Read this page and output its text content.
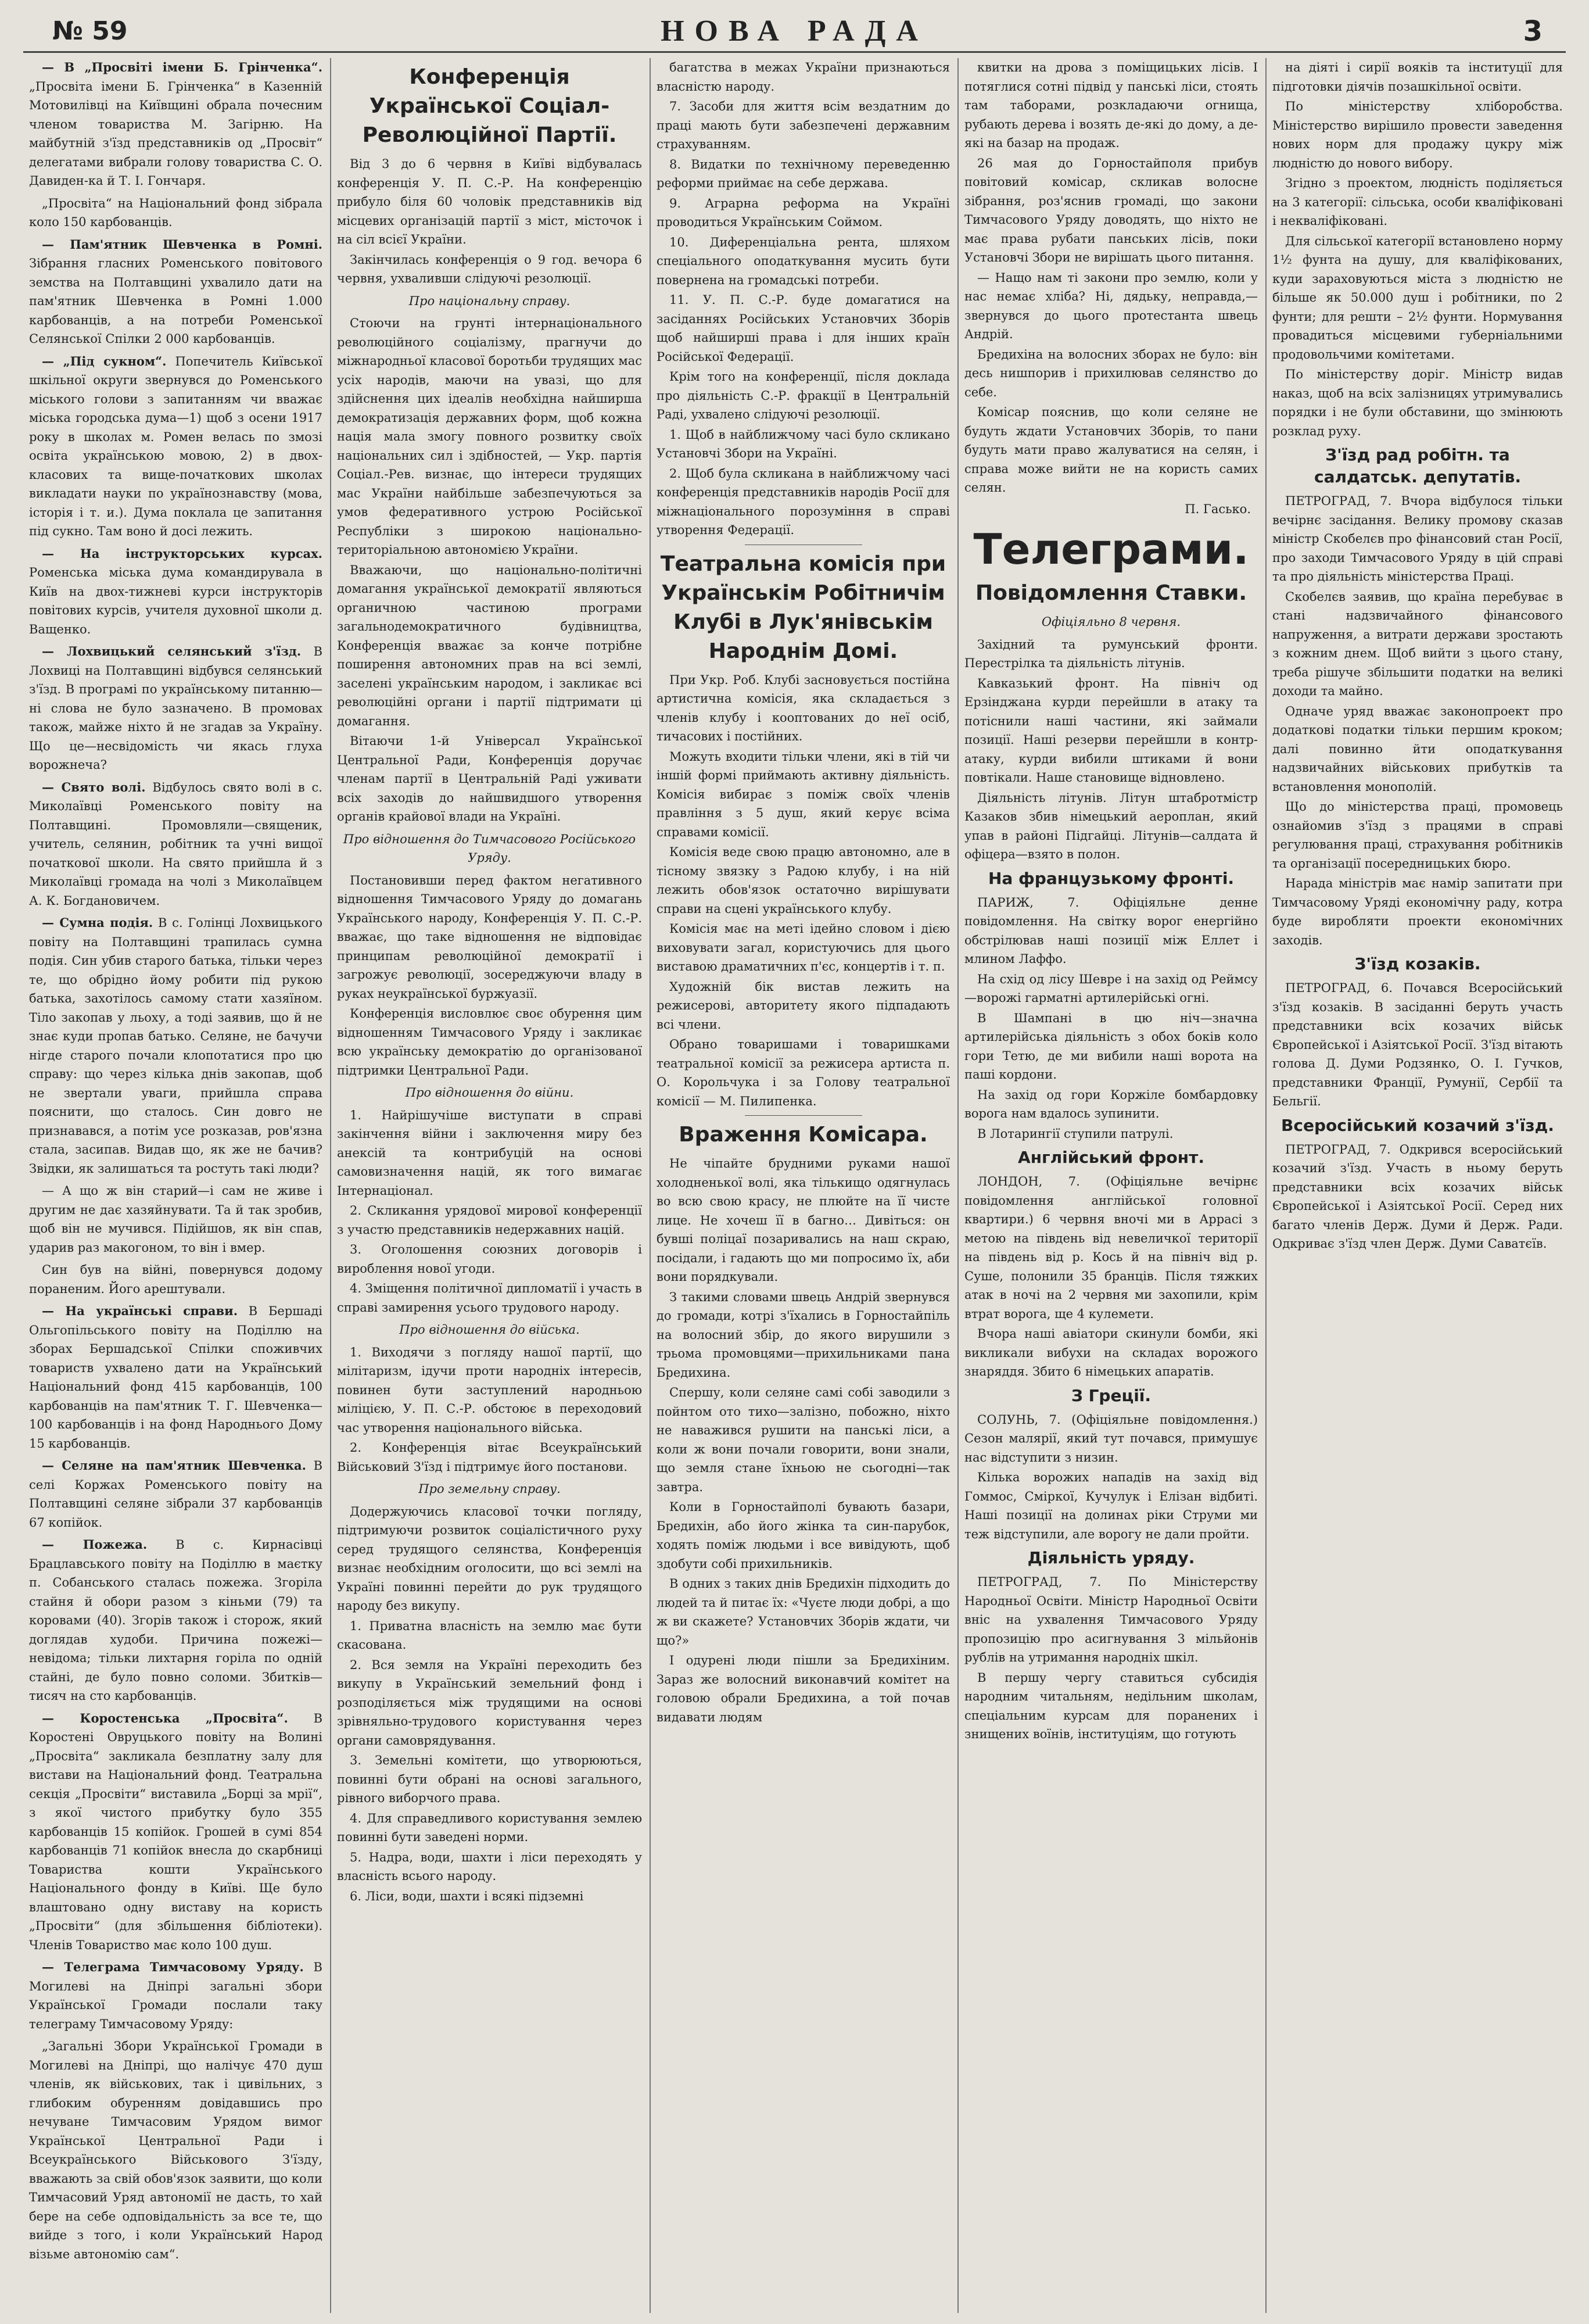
№ 59	НОВА РАДА	3

— В „Просвіті імени Б. Грінченка“. „Просвіта імени Б. Грінченка“ в Казенній Мотовилівці на Київщині обрала почесним членом товариства М. Загірню. На майбутній з'їзд представників од „Просвіт“ делегатами вибрали голову товариства С. О. Давиден-ка й Т. І. Гончаря.

„Просвіта“ на Національний фонд зібрала коло 150 карбованців.

— Пам'ятник Шевченка в Ромні. Зібрання гласних Роменського повітового земства на Полтавщині ухвалило дати на пам'ятник Шевченка в Ромні 1.000 карбованців, а на потреби Роменської Селянської Спілки 2 000 карбованців.

— „Під сукном“. Попечитель Київської шкільної округи звернувся до Роменського міського голови з запитанням чи вважає міська городська дума—1) щоб з осени 1917 року в школах м. Ромен велась по змозі освіта українською мовою, 2) в двох-класових та вище-початкових школах викладати науки по українознавству (мова, історія і т. и.). Дума поклала це запитання під сукно. Там воно й досі лежить.

— На інструкторських курсах. Роменська міська дума командирувала в Київ на двох-тижневі курси інструкторів повітових курсів, учителя духовної школи д. Ващенко.

— Лохвицький селянський з'їзд. В Лохвиці на Полтавщині відбувся селянський з'їзд. В програмі по українському питанню—ні слова не було зазначено. В промовах також, майже ніхто й не згадав за Україну. Що це—несвідомість чи якась глуха ворожнеча?

— Свято волі. Відбулось свято волі в с. Миколаївці Роменського повіту на Полтавщині. Промовляли—священик, учитель, селянин, робітник та учні вищої початкової школи. На свято прийшла й з Миколаївці громада на чолі з Миколаївцем А. К. Богдановичем.

— Сумна подія. В с. Голінці Лохвицького повіту на Полтавщині трапилась сумна подія. Син убив старого батька, тільки через те, що обрідно йому робити під рукою батька, захотілось самому стати хазяїном. Тіло закопав у льоху, а тоді заявив, що й не знає куди пропав батько. Селяне, не бачучи нігде старого почали клопотатися про цю справу: що через кілька днів закопав, щоб не звертали уваги, прийшла справа пояснити, що сталось. Син довго не признавався, а потім усе розказав, ров'язна стала, засипав. Видав що, як же не бачив? Звідки, як залишаться та ростуть такі люди?

— А що ж він старий—і сам не живе і другим не дає хазяйнувати. Та й так зробив, щоб він не мучився. Підійшов, як він спав, ударив раз макогоном, то він і вмер.

Син був на війні, повернувся додому пораненим. Його арештували.

— На українські справи. В Бершаді Ольгопільського повіту на Поділлю на зборах Бершадської Спілки споживчих товариств ухвалено дати на Український Національний фонд 415 карбованців, 100 карбованців на пам'ятник Т. Г. Шевченка—100 карбованців і на фонд Народнього Дому 15 карбованців.

— Селяне на пам'ятник Шевченка. В селі Коржах Роменського повіту на Полтавщині селяне зібрали 37 карбованців 67 копійок.

— Пожежа. В с. Кирнасівці Брацлавського повіту на Поділлю в маєтку п. Собанського сталась пожежа. Згоріла стайня й обори разом з кіньми (79) та коровами (40). Згорів також і сторож, який доглядав худоби. Причина пожежі—невідома; тільки лихтарня горіла по одній стайні, де було повно соломи. Збитків—тисяч на сто карбованців.

— Коростенська „Просвіта“. В Коростені Овруцького повіту на Волині „Просвіта“ закликала безплатну залу для вистави на Національний фонд. Театральна секція „Просвіти“ виставила „Борці за мрії“, з якої чистого прибутку було 355 карбованців 15 копійок. Грошей в сумі 854 карбованців 71 копійок внесла до скарбниці Товариства кошти Українського Національного фонду в Київі. Ще було влаштовано одну виставу на користь „Просвіти“ (для збільшення бібліотеки). Членів Товариство має коло 100 душ.

— Телеграма Тимчасовому Уряду. В Могилеві на Дніпрі загальні збори Української Громади послали таку телеграму Тимчасовому Уряду:

„Загальні Збори Української Громади в Могилеві на Дніпрі, що налічує 470 душ членів, як військових, так і цивільних, з глибоким обуренням довідавшись про нечуване Тимчасовим Урядом вимог Української Центральної Ради і Всеукраїнського Військового З'їзду, вважають за свій обов'язок заявити, що коли Тимчасовий Уряд автономії не дасть, то хай бере на себе одповідальність за все те, що вийде з того, і коли Український Народ візьме автономію сам“.

Конференція Української Соціал-Революційної Партії.

Від 3 до 6 червня в Київі відбувалась конференція У. П. С.-Р. На конференцію прибуло біля 60 чоловік представників від місцевих організацій партії з міст, місточок і на сіл всієї України.

Закінчилась конференція о 9 год. вечора 6 червня, ухваливши слідуючі резолюції.

Про національну справу.

Стоючи на грунті інтернаціонального революційного соціалізму, прагнучи до міжнародньої класової боротьби трудящих мас усіх народів, маючи на увазі, що для здійснення цих ідеалів необхідна найширша демократизація державних форм, щоб кожна нація мала змогу повного розвитку своїх національних сил і здібностей, — Укр. партія Соціал.-Рев. визнає, що інтереси трудящих мас України найбільше забезпечуються за умов федеративного устрою Російської Республіки з широкою національно-територіальною автономією України.

Вважаючи, що національно-політичні домагання української демократії являються органичною частиною програми загальнодемократичного будівництва, Конференція вважає за конче потрібне поширення автономних прав на всі землі, заселені українським народом, і закликає всі революційні органи і партії підтримати ці домагання.

Вітаючи 1-й Універсал Української Центральної Ради, Конференція доручає членам партії в Центральній Раді уживати всіх заходів до найшвидшого утворення органів крайової влади на Україні.

Про відношення до Тимчасового Російського Уряду.

Постановивши перед фактом негативного відношення Тимчасового Уряду до домагань Українського народу, Конференція У. П. С.-Р. вважає, що таке відношення не відповідає принципам революційної демократії і загрожує революції, зосереджуючи владу в руках неукраїнської буржуазії.

Конференція висловлює своє обурення цим відношенням Тимчасового Уряду і закликає всю українську демократію до організованої підтримки Центральної Ради.

Про відношення до війни.

1. Найрішучіше виступати в справі закінчення війни і заключення миру без анексій та контрибуцій на основі самовизначення націй, як того вимагає Інтернаціонал.

2. Скликання урядової мирової конференції з участю представників недержавних націй.

3. Оголошення союзних договорів і вироблення нової угоди.

4. Зміщення політичної дипломатії і участь в справі замирення усього трудового народу.

Про відношення до війська.

1. Виходячи з погляду нашої партії, що мілітаризм, ідучи проти народніх інтересів, повинен бути заступлений народньою міліцією, У. П. С.-Р. обстоює в переходовий час утворення національного війська.

2. Конференція вітає Всеукраїнський Військовий З'їзд і підтримує його постанови.

Про земельну справу.

Додержуючись класової точки погляду, підтримуючи розвиток соціалістичного руху серед трудящого селянства, Конференція визнає необхідним оголосити, що всі землі на Україні повинні перейти до рук трудящого народу без викупу.

1. Приватна власність на землю має бути скасована.

2. Вся земля на Україні переходить без викупу в Український земельний фонд і розподіляється між трудящими на основі зрівняльно-трудового користування через органи самоврядування.

3. Земельні комітети, що утворюються, повинні бути обрані на основі загального, рівного виборчого права.

4. Для справедливого користування землею повинні бути заведені норми.

5. Надра, води, шахти і ліси переходять у власність всього народу.

6. Ліси, води, шахти і всякі підземні

багатства в межах України признаються власністю народу.

7. Засоби для життя всім вездатним до праці мають бути забезпечені державним страхуванням.

8. Видатки по технічному переведенню реформи приймає на себе держава.

9. Аграрна реформа на Україні проводиться Українським Соймом.

10. Диференціальна рента, шляхом спеціального оподаткування мусить бути повернена на громадські потреби.

11. У. П. С.-Р. буде домагатися на засіданнях Російських Установчих Зборів щоб найширші права і для інших країн Російської Федерації.

Крім того на конференції, після доклада про діяльність С.-Р. фракції в Центральній Раді, ухвалено слідуючі резолюції.

1. Щоб в найближчому часі було скликано Установчі Збори на Україні.

2. Щоб була скликана в найближчому часі конференція представників народів Росії для міжнаціонального порозуміння в справі утворення Федерації.

Театральна комісія при Українськім Робітничім Клубі в Лук'янівськім Народнім Домі.

При Укр. Роб. Клубі засновується постійна артистична комісія, яка складається з членів клубу і кооптованих до неї осіб, тичасових і постійних.

Можуть входити тільки члени, які в тій чи іншій формі приймають активну діяльність. Комісія вибирає з поміж своїх членів правління з 5 душ, який керує всіма справами комісії.

Комісія веде свою працю автономно, але в тісному звязку з Радою клубу, і на ній лежить обов'язок остаточно вирішувати справи на сцені українського клубу.

Комісія має на меті ідейно словом і дією виховувати загал, користуючись для цього виставою драматичних п'єс, концертів і т. п.

Художній бік вистав лежить на режисерові, авторитету якого підпадають всі члени.

Обрано товаришами і товаришками театральної комісії за режисера артиста п. О. Корольчука і за Голову театральної комісії — М. Пилипенка.

Враження Комісара.

Не чіпайте брудними руками нашої холодненької волі, яка тількищо одягнулась во всю свою красу, не плюйте на її чисте лице. Не хочеш її в багно… Дивіться: он бувші поліцаї позаривались на наш скраю, посідали, і гадають що ми попросимо їх, аби вони порядкували.

З такими словами швець Андрій звернувся до громади, котрі з'їхались в Горностайпіль на волосний збір, до якого вирушили з трьома промовцями—прихильниками пана Бредихина.

Спершу, коли селяне самі собі заводили з пойнтом ото тихо—залізно, побожно, ніхто не наважився рушити на панські ліси, а коли ж вони почали говорити, вони знали, що земля стане їхньою не сьогодні—так завтра.

Коли в Горностайполі бувають базари, Бредихін, або його жінка та син-парубок, ходять поміж людьми і все вивідують, щоб здобути собі прихильників.

В одних з таких днів Бредихін підходить до людей та й питає їх: «Чуєте люди добрі, а що ж ви скажете? Установчих Зборів ждати, чи що?»

І одурені люди пішли за Бредихіним. Зараз же волосний виконавчий комітет на головою обрали Бредихина, а той почав видавати людям

квитки на дрова з поміщицьких лісів. І потяглися сотні підвід у панські ліси, стоять там таборами, розкладаючи огнища, рубають дерева і возять де-які до дому, а де-які на базар на продаж.

26 мая до Горностайполя прибув повітовий комісар, скликав волосне зібрання, роз'яснив громаді, що закони Тимчасового Уряду доводять, що ніхто не має права рубати панських лісів, поки Установчі Збори не вирішать цього питання.

— Нащо нам ті закони про землю, коли у нас немає хліба? Ні, дядьку, неправда,—звернувся до цього протестанта швець Андрій.

Бредихіна на волосних зборах не було: він десь нишпорив і прихилював селянство до себе.

Комісар пояснив, що коли селяне не будуть ждати Установчих Зборів, то пани будуть мати право жалуватися на селян, і справа може вийти не на користь самих селян.

П. Гасько.
Телеграми.
Повідомлення Ставки.
Офіціяльно 8 червня.

Західний та румунський фронти. Перестрілка та діяльність літунів.

Кавказький фронт. На північ од Ерзінджана курди перейшли в атаку та потіснили наші частини, які займали позиції. Наші резерви перейшли в контр-атаку, курди вибили штиками й вони повтікали. Наше становище відновлено.

Діяльність літунів. Літун штабротмістр Казаков збив німецький аероплан, який упав в районі Підгайці. Літунів—салдата й офіцера—взято в полон.

На французькому фронті.

ПАРИЖ, 7. Офіціяльне денне повідомлення. На світку ворог енергійно обстрілював наші позиції між Еллет і млином Лаффо.

На схід од лісу Шевре і на захід од Реймсу—ворожі гарматні артилерійські огні.

В Шампані в цю ніч—значна артилерійська діяльність з обох боків коло гори Тетю, де ми вибили наші ворота на паші кордони.

На захід од гори Коржіле бомбардовку ворога нам вдалось зупинити.

В Лотарингії ступили патрулі.

Англійський фронт.

ЛОНДОН, 7. (Офіціяльне вечірнє повідомлення англійської головної квартири.) 6 червня вночі ми в Арраcі з метою на південь від невеличкої території на південь від р. Кось й на північ від р. Суше, полонили 35 бранців. Після тяжких атак в ночі на 2 червня ми захопили, крім втрат ворога, ще 4 кулемети.

Вчора наші авіатори скинули бомби, які викликали вибухи на складах ворожого знаряддя. Збито 6 німецьких апаратів.

З Греції.

СОЛУНЬ, 7. (Офіціяльне повідомлення.) Сезон малярії, який тут почався, примушує нас відступити з низин.

Кілька ворожих нападів на захід від Гоммос, Сміркої, Кучулук і Елізан відбиті. Наші позиції на долинах ріки Струми ми теж відступили, але ворогу не дали пройти.

Діяльність уряду.

ПЕТРОГРАД, 7. По Міністерству Народньої Освіти. Міністр Народньої Освіти вніс на ухвалення Тимчасового Уряду пропозицію про асигнування 3 мільйонів рублів на утримання народніх шкіл.

В першу чергу ставиться субсидія народним читальням, недільним школам, спеціальним курсам для поранених і знищених воїнів, інституціям, що готують

на діяті і сирії вояків та інституції для підготовки діячів позашкільної освіти.

По міністерству хліборобства. Міністерство вирішило провести заведення нових норм для продажу цукру між людністю до нового вибору.

Згідно з проектом, людність поділяється на 3 категорії: сільська, особи кваліфіковані і некваліфіковані.

Для сільської категорії встановлено норму 1½ фунта на душу, для кваліфікованих, куди зараховуються міста з людністю не більше як 50.000 душ і робітники, по 2 фунти; для решти – 2½ фунти. Нормування провадиться місцевими губерніальними продовольчими комітетами.

По міністерству доріг. Міністр видав наказ, щоб на всіх залізницях утримувались порядки і не були обставини, що змінюють розклад руху.

З'їзд рад робітн. та салдатськ. депутатів.

ПЕТРОГРАД, 7. Вчора відбулося тільки вечірнє засідання. Велику промову сказав міністр Скобелєв про фінансовий стан Росії, про заходи Тимчасового Уряду в цій справі та про діяльність міністерства Праці.

Скобелєв заявив, що країна перебуває в стані надзвичайного фінансового напруження, а витрати держави зростають з кожним днем. Щоб вийти з цього стану, треба рішуче збільшити податки на великі доходи та майно.

Одначе уряд вважає законопроект про додаткові податки тільки першим кроком; далі повинно йти оподаткування надзвичайних військових прибутків та встановлення монополій.

Що до міністерства праці, промовець ознайомив з'їзд з працями в справі регулювання праці, страхування робітників та організації посередницьких бюро.

Нарада міністрів має намір запитати при Тимчасовому Уряді економічну раду, котра буде виробляти проекти економічних заходів.

З'їзд козаків.

ПЕТРОГРАД, 6. Почався Всеросійський з'їзд козаків. В засіданні беруть участь представники всіх козачих військ Європейської і Азіятської Росії. З'їзд вітають голова Д. Думи Родзянко, О. І. Гучков, представники Франції, Румунії, Сербії та Бельгії.

Всеросійський козачий з'їзд.

ПЕТРОГРАД, 7. Одкрився всеросійський козачий з'їзд. Участь в ньому беруть представники всіх козачих військ Європейської і Азіятської Росії. Серед них багато членів Держ. Думи й Держ. Ради. Одкриває з'їзд член Держ. Думи Саватєїв.
